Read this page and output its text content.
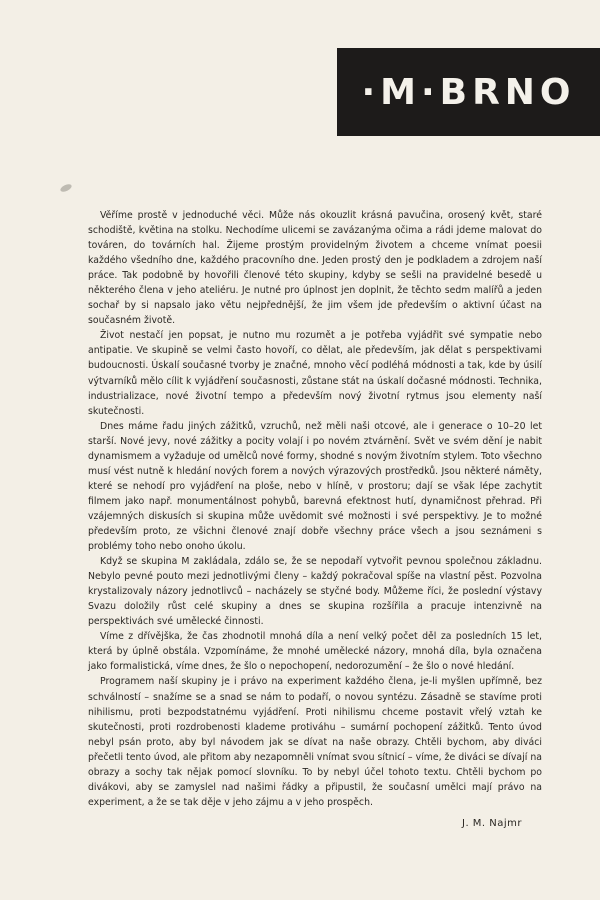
·M·BRNO

Věříme prostě v jednoduché věci. Může nás okouzlit krásná pavučina, orosený květ, staré schodiště, květina na stolku. Nechodíme ulicemi se zavázanýma očima a rádi jdeme malovat do továren, do továrních hal. Žijeme prostým providelným životem a chceme vnímat poesii každého všedního dne, každého pracovního dne. Jeden prostý den je podkladem a zdrojem naší práce. Tak podobně by hovořili členové této skupiny, kdyby se sešli na pravidelné besedě u některého člena v jeho ateliéru. Je nutné pro úplnost jen doplnit, že těchto sedm malířů a jeden sochař by si napsalo jako větu nejpřednější, že jim všem jde především o aktivní účast na současném životě.

Život nestačí jen popsat, je nutno mu rozumět a je potřeba vyjádřit své sympatie nebo antipatie. Ve skupině se velmi často hovoří, co dělat, ale především, jak dělat s perspektivami budoucnosti. Úskalí současné tvorby je značné, mnoho věcí podléhá módnosti a tak, kde by úsilí výtvarníků mělo cílit k vyjádření současnosti, zůstane stát na úskalí dočasné módnosti. Technika, industrializace, nové životní tempo a především nový životní rytmus jsou elementy naší skutečnosti.

Dnes máme řadu jiných zážitků, vzruchů, než měli naši otcové, ale i generace o 10–20 let starší. Nové jevy, nové zážitky a pocity volají i po novém ztvárnění. Svět ve svém dění je nabit dynamismem a vyžaduje od umělců nové formy, shodné s novým životním stylem. Toto všechno musí vést nutně k hledání nových forem a nových výrazových prostředků. Jsou některé náměty, které se nehodí pro vyjádření na ploše, nebo v hlíně, v prostoru; dají se však lépe zachytit filmem jako např. monumentálnost pohybů, barevná efektnost hutí, dynamičnost přehrad. Při vzájemných diskusích si skupina může uvědomit své možnosti i své perspektivy. Je to možné především proto, ze všichni členové znají dobře všechny práce všech a jsou seznámeni s problémy toho nebo onoho úkolu.

Když se skupina M zakládala, zdálo se, že se nepodaří vytvořit pevnou společnou základnu. Nebylo pevné pouto mezi jednotlivými členy – každý pokračoval spíše na vlastní pěst. Pozvolna krystalizovaly názory jednotlivců – nacházely se styčné body. Můžeme říci, že poslední výstavy Svazu doložily růst celé skupiny a dnes se skupina rozšířila a pracuje intenzivně na perspektivách své umělecké činnosti.

Víme z dřívějška, že čas zhodnotil mnohá díla a není velký počet děl za posledních 15 let, která by úplně obstála. Vzpomínáme, že mnohé umělecké názory, mnohá díla, byla označena jako formalistická, víme dnes, že šlo o nepochopení, nedorozumění – že šlo o nové hledání.

Programem naší skupiny je i právo na experiment každého člena, je-li myšlen upřímně, bez schválností – snažíme se a snad se nám to podaří, o novou syntézu. Zásadně se stavíme proti nihilismu, proti bezpodstatnému vyjádření. Proti nihilismu chceme postavit vřelý vztah ke skutečnosti, proti rozdrobenosti klademe protiváhu – sumární pochopení zážitků. Tento úvod nebyl psán proto, aby byl návodem jak se dívat na naše obrazy. Chtěli bychom, aby diváci přečetli tento úvod, ale přitom aby nezapomněli vnímat svou sítnicí – víme, že diváci se dívají na obrazy a sochy tak nějak pomocí slovníku. To by nebyl účel tohoto textu. Chtěli bychom po divákovi, aby se zamyslel nad našimi řádky a připustil, že současní umělci mají právo na experiment, a že se tak děje v jeho zájmu a v jeho prospěch.

J. M. Najmr
